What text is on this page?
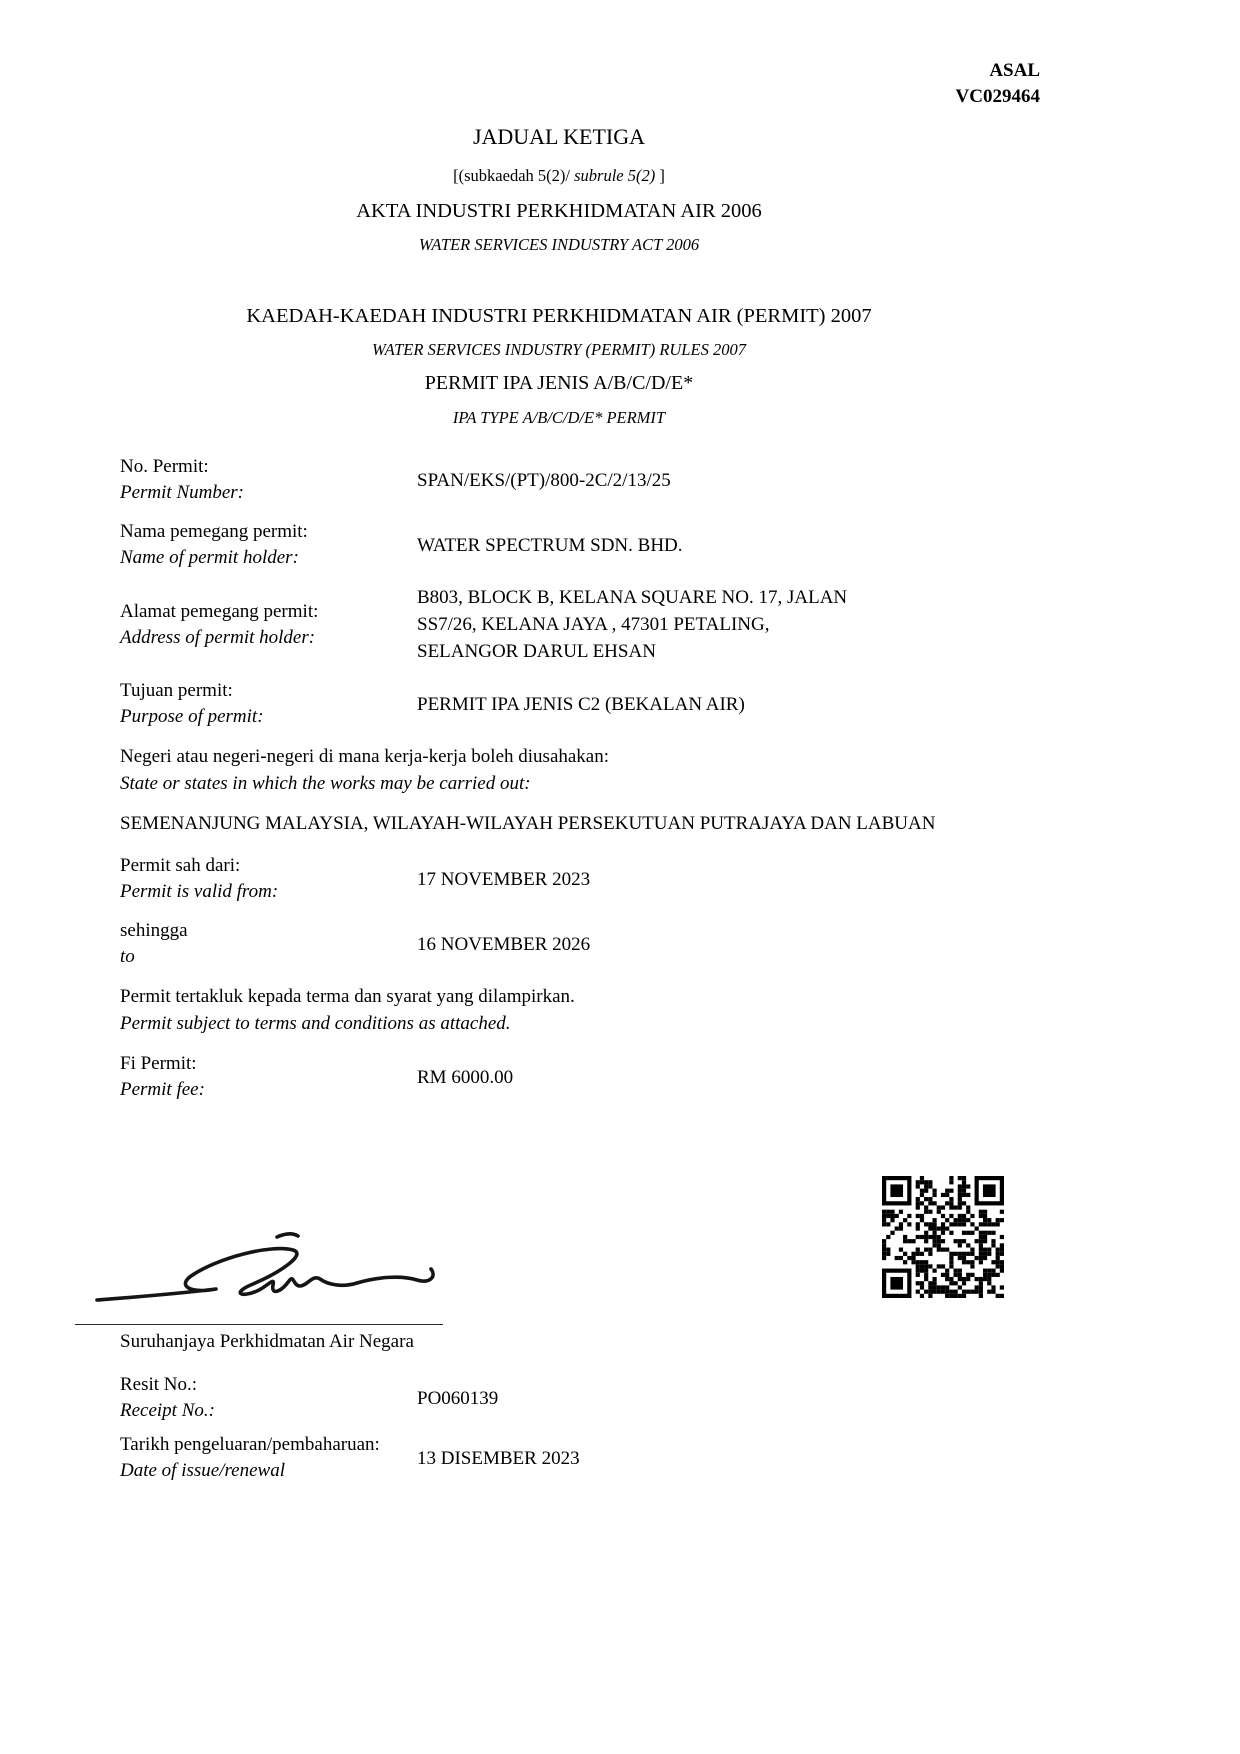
ASAL
VC029464
JADUAL KETIGA
[(subkaedah 5(2)/ subrule 5(2) ]
AKTA INDUSTRI PERKHIDMATAN AIR 2006
WATER SERVICES INDUSTRY ACT 2006
KAEDAH-KAEDAH INDUSTRI PERKHIDMATAN AIR (PERMIT) 2007
WATER SERVICES INDUSTRY (PERMIT) RULES 2007
PERMIT IPA JENIS A/B/C/D/E*
IPA TYPE A/B/C/D/E* PERMIT
No. Permit:
Permit Number:
SPAN/EKS/(PT)/800-2C/2/13/25
Nama pemegang permit:
Name of permit holder:
WATER SPECTRUM SDN. BHD.
Alamat pemegang permit:
Address of permit holder:
B803, BLOCK B, KELANA SQUARE NO. 17, JALAN
SS7/26, KELANA JAYA , 47301 PETALING,
SELANGOR DARUL EHSAN
Tujuan permit:
Purpose of permit:
PERMIT IPA JENIS C2 (BEKALAN AIR)
Negeri atau negeri-negeri di mana kerja-kerja boleh diusahakan:
State or states in which the works may be carried out:
SEMENANJUNG MALAYSIA, WILAYAH-WILAYAH PERSEKUTUAN PUTRAJAYA DAN LABUAN
Permit sah dari:
Permit is valid from:
17 NOVEMBER 2023
sehingga
to
16 NOVEMBER 2026
Permit tertakluk kepada terma dan syarat yang dilampirkan.
Permit subject to terms and conditions as attached.
Fi Permit:
Permit fee:
RM 6000.00
Suruhanjaya Perkhidmatan Air Negara
Resit No.:
Receipt No.:
PO060139
Tarikh pengeluaran/pembaharuan:
Date of issue/renewal
13 DISEMBER 2023
